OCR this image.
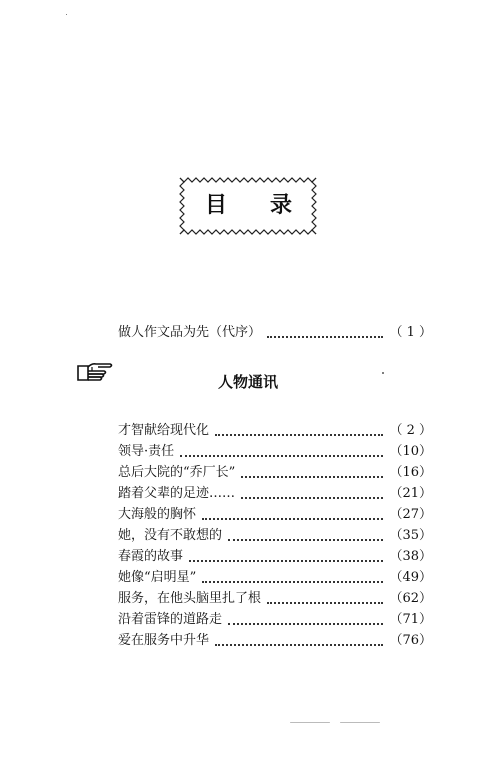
目 录
做人作文品为先（代序）	（ 1 ）
人物通讯
才智献给现代化	（ 2 ）
领导·责任	（10）
总后大院的“乔厂长”	（16）
踏着父辈的足迹……	（21）
大海般的胸怀	（27）
她，没有不敢想的	（35）
春霞的故事	（38）
她像“启明星”	（49）
服务，在他头脑里扎了根	（62）
沿着雷锋的道路走	（71）
爱在服务中升华	（76）
